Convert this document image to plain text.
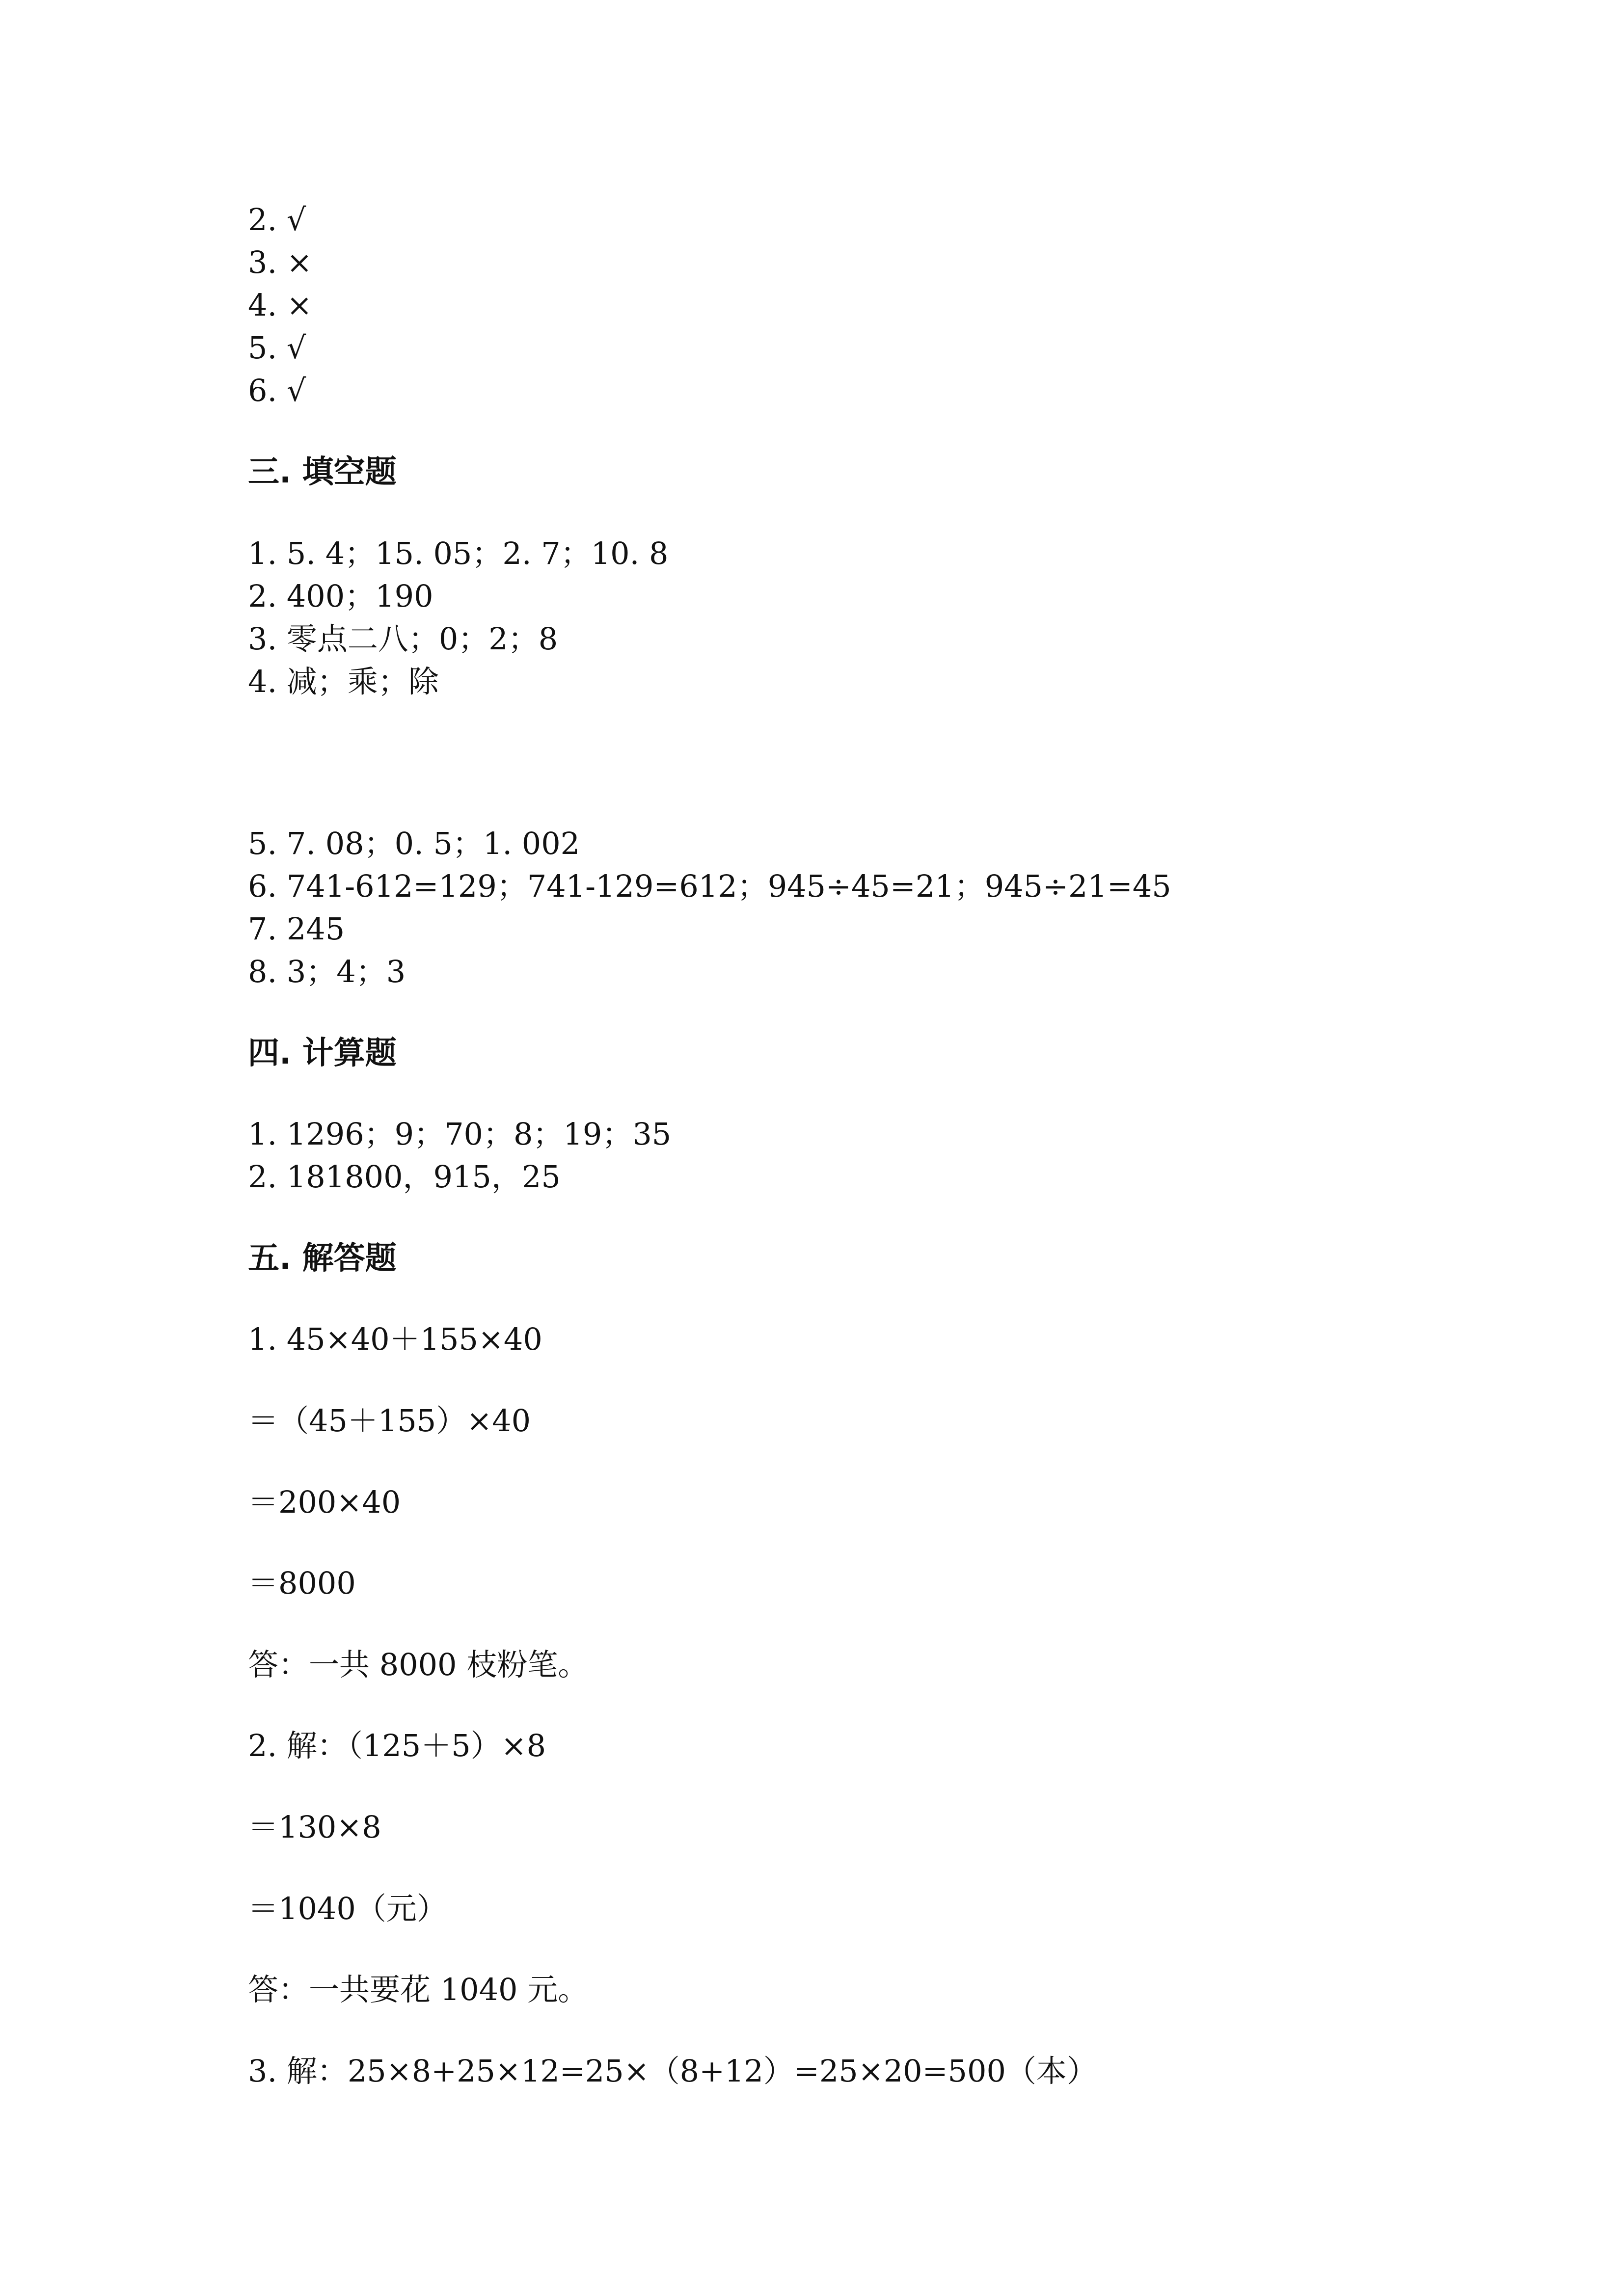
2. √
3. ×
4. ×
5. √
6. √
三. 填空题
1. 5. 4；15. 05；2. 7；10. 8
2. 400；190
3. 零点二八；0；2；8
4. 减；乘；除
5. 7. 08；0. 5；1. 002
6. 741-612=129；741-129=612；945÷45=21；945÷21=45
7. 245
8. 3；4；3
四. 计算题
1. 1296；9；70；8；19；35
2. 181800，915，25
五. 解答题
1. 45×40＋155×40
＝（45＋155）×40
＝200×40
＝8000
答：一共 8000 枝粉笔。
2. 解：（125＋5）×8
＝130×8
＝1040（元）
答：一共要花 1040 元。
3. 解：25×8+25×12=25×（8+12）=25×20=500（本）
